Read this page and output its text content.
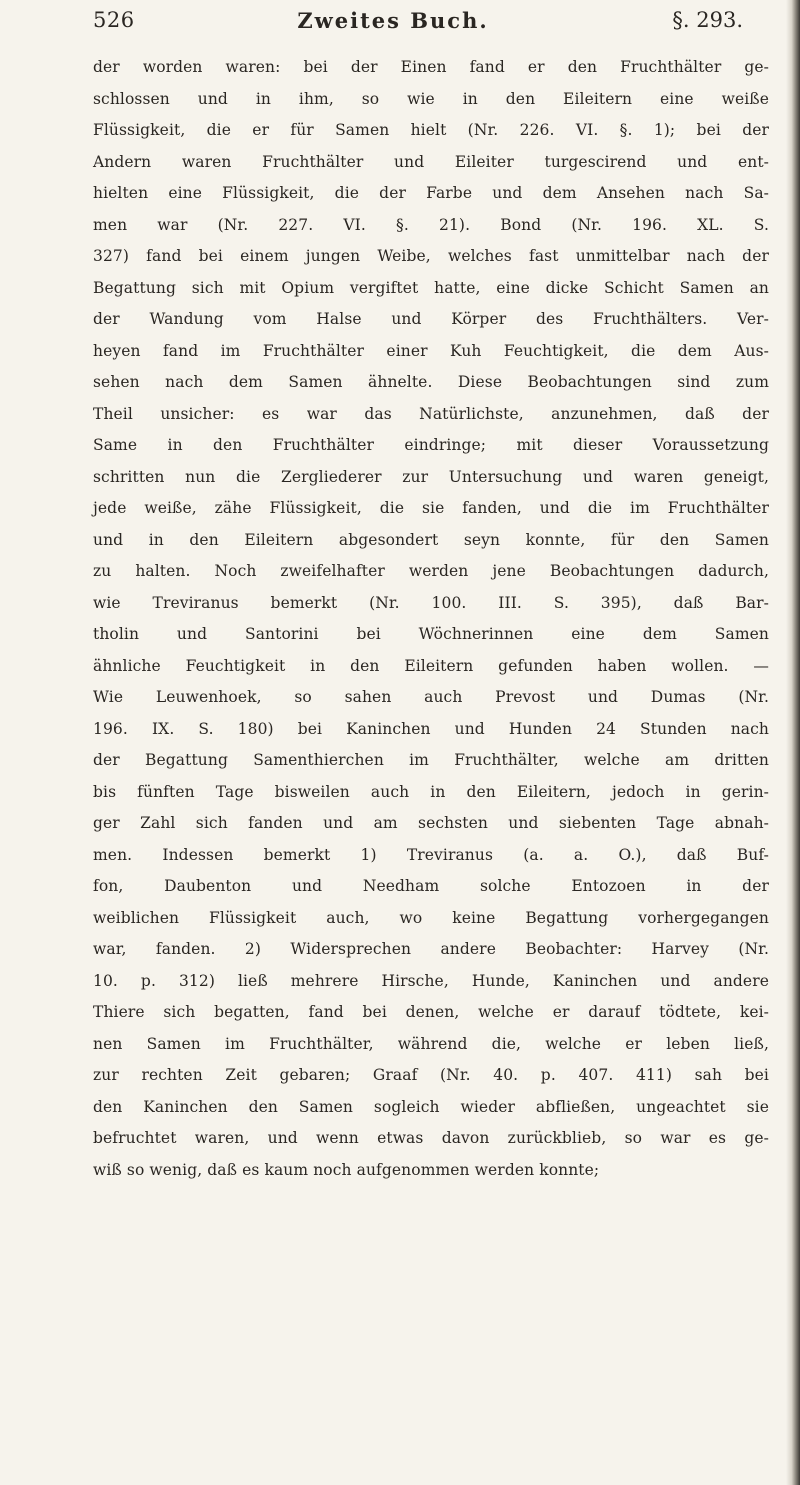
526	Zweites Buch.	§. 293.
der worden waren: bei der Einen fand er den Fruchthälter ge-
schlossen und in ihm, so wie in den Eileitern eine weiße
Flüssigkeit, die er für Samen hielt (Nr. 226. VI. §. 1); bei der
Andern waren Fruchthälter und Eileiter turgescirend und ent-
hielten eine Flüssigkeit, die der Farbe und dem Ansehen nach Sa-
men war (Nr. 227. VI. §. 21). Bond (Nr. 196. XL. S.
327) fand bei einem jungen Weibe, welches fast unmittelbar nach der
Begattung sich mit Opium vergiftet hatte, eine dicke Schicht Samen an
der Wandung vom Halse und Körper des Fruchthälters. Ver-
heyen fand im Fruchthälter einer Kuh Feuchtigkeit, die dem Aus-
sehen nach dem Samen ähnelte. Diese Beobachtungen sind zum
Theil unsicher: es war das Natürlichste, anzunehmen, daß der
Same in den Fruchthälter eindringe; mit dieser Voraussetzung
schritten nun die Zergliederer zur Untersuchung und waren geneigt,
jede weiße, zähe Flüssigkeit, die sie fanden, und die im Fruchthälter
und in den Eileitern abgesondert seyn konnte, für den Samen
zu halten. Noch zweifelhafter werden jene Beobachtungen dadurch,
wie Treviranus bemerkt (Nr. 100. III. S. 395), daß Bar-
tholin und Santorini bei Wöchnerinnen eine dem Samen
ähnliche Feuchtigkeit in den Eileitern gefunden haben wollen. —
Wie Leuwenhoek, so sahen auch Prevost und Dumas (Nr.
196. IX. S. 180) bei Kaninchen und Hunden 24 Stunden nach
der Begattung Samenthierchen im Fruchthälter, welche am dritten
bis fünften Tage bisweilen auch in den Eileitern, jedoch in gerin-
ger Zahl sich fanden und am sechsten und siebenten Tage abnah-
men. Indessen bemerkt 1) Treviranus (a. a. O.), daß Buf-
fon, Daubenton und Needham solche Entozoen in der
weiblichen Flüssigkeit auch, wo keine Begattung vorhergegangen
war, fanden. 2) Widersprechen andere Beobachter: Harvey (Nr.
10. p. 312) ließ mehrere Hirsche, Hunde, Kaninchen und andere
Thiere sich begatten, fand bei denen, welche er darauf tödtete, kei-
nen Samen im Fruchthälter, während die, welche er leben ließ,
zur rechten Zeit gebaren; Graaf (Nr. 40. p. 407. 411) sah bei
den Kaninchen den Samen sogleich wieder abfließen, ungeachtet sie
befruchtet waren, und wenn etwas davon zurückblieb, so war es ge-
wiß so wenig, daß es kaum noch aufgenommen werden konnte;
